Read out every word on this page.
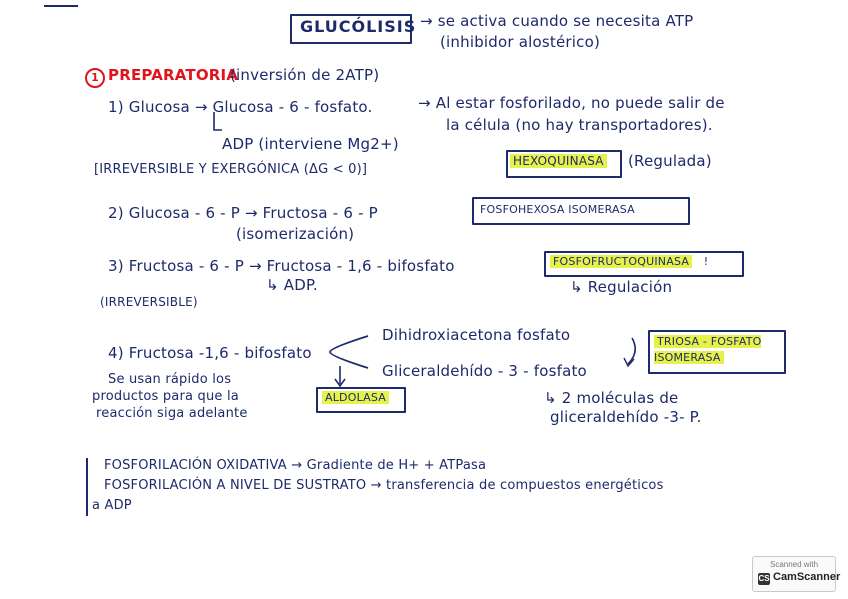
GLUCÓLISIS → se activa cuando se necesita ATP
(inhibidor alostérico)
1 PREPARATORIA
(inversión de 2ATP)
1) Glucosa → Glucosa - 6 - fosfato.	→ Al estar fosforilado, no puede salir de
la célula (no hay transportadores).
ADP (interviene Mg2+)
[IRREVERSIBLE Y EXERGÓNICA (ΔG < 0)]
HEXOQUINASA (Regulada)
2) Glucosa - 6 - P → Fructosa - 6 - P
(isomerización)
FOSFOHEXOSA ISOMERASA
3) Fructosa - 6 - P → Fructosa - 1,6 - bifosfato
↳ ADP.
(IRREVERSIBLE)
FOSFOFRUCTOQUINASA !
↳ Regulación
4) Fructosa -1,6 - bifosfato
Dihidroxiacetona fosfato
Gliceraldehído - 3 - fosfato
Se usan rápido los
productos para que la
reacción siga adelante
ALDOLASA	↳ 2 moléculas de
gliceraldehído -3- P.
TRIOSA - FOSFATO ISOMERASA
FOSFORILACIÓN OXIDATIVA → Gradiente de H+ + ATPasa
FOSFORILACIÓN A NIVEL DE SUSTRATO → transferencia de compuestos energéticos
a ADP
Scanned with
CS CamScanner
